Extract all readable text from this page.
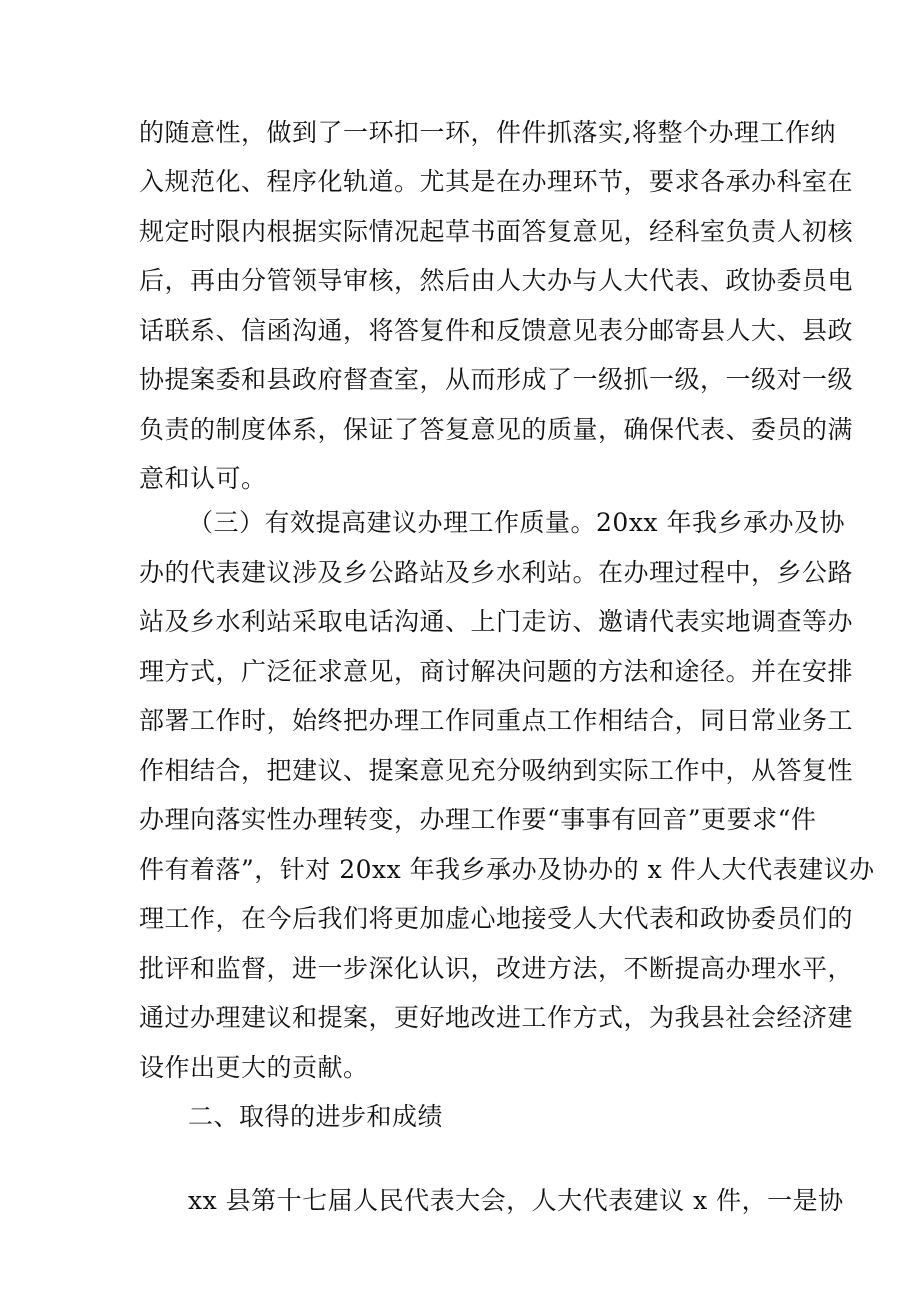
的随意性，做到了一环扣一环，件件抓落实,将整个办理工作纳
入规范化、程序化轨道。尤其是在办理环节，要求各承办科室在
规定时限内根据实际情况起草书面答复意见，经科室负责人初核
后，再由分管领导审核，然后由人大办与人大代表、政协委员电
话联系、信函沟通，将答复件和反馈意见表分邮寄县人大、县政
协提案委和县政府督查室，从而形成了一级抓一级，一级对一级
负责的制度体系，保证了答复意见的质量，确保代表、委员的满
意和认可。
（三）有效提高建议办理工作质量。20xx 年我乡承办及协
办的代表建议涉及乡公路站及乡水利站。在办理过程中，乡公路
站及乡水利站采取电话沟通、上门走访、邀请代表实地调查等办
理方式，广泛征求意见，商讨解决问题的方法和途径。并在安排
部署工作时，始终把办理工作同重点工作相结合，同日常业务工
作相结合，把建议、提案意见充分吸纳到实际工作中，从答复性
办理向落实性办理转变，办理工作要“事事有回音”更要求“件
件有着落”，针对 20xx 年我乡承办及协办的 x 件人大代表建议办
理工作，在今后我们将更加虚心地接受人大代表和政协委员们的
批评和监督，进一步深化认识，改进方法，不断提高办理水平，
通过办理建议和提案，更好地改进工作方式，为我县社会经济建
设作出更大的贡献。
二、取得的进步和成绩
xx 县第十七届人民代表大会，人大代表建议 x 件，一是协
